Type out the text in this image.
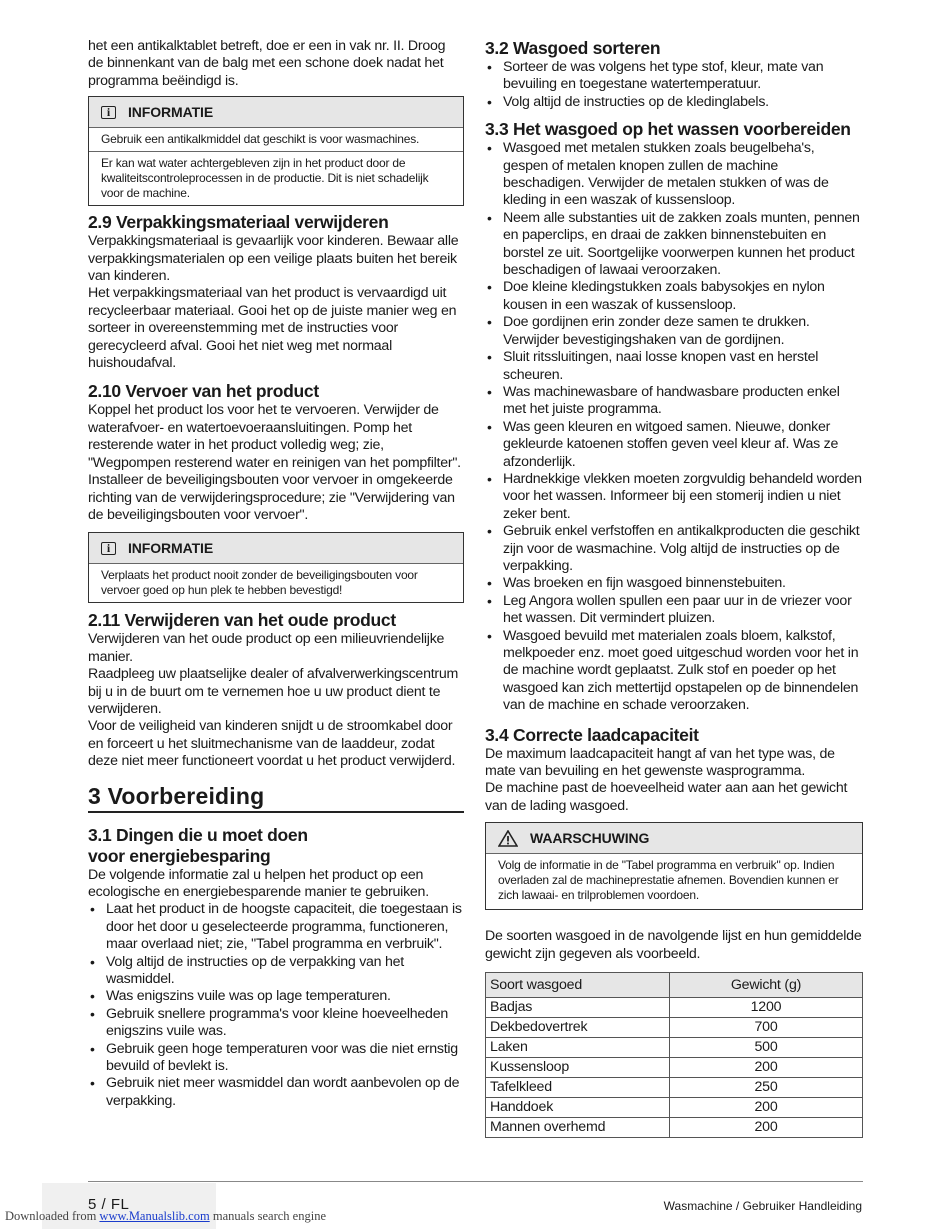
het een antikalktablet betreft, doe er een in vak nr. II. Droog de binnenkant van de balg met een schone doek nadat het programma beëindigd is.

i	INFORMATIE
Gebruik een antikalkmiddel dat geschikt is voor wasmachines.
Er kan wat water achtergebleven zijn in het product door de kwaliteitscontroleprocessen in de productie. Dit is niet schadelijk voor de machine.
2.9 Verpakkingsmateriaal verwijderen

Verpakkingsmateriaal is gevaarlijk voor kinderen. Bewaar alle verpakkingsmaterialen op een veilige plaats buiten het bereik van kinderen.

Het verpakkingsmateriaal van het product is vervaardigd uit recycleerbaar materiaal. Gooi het op de juiste manier weg en sorteer in overeenstemming met de instructies voor gerecycleerd afval. Gooi het niet weg met normaal huishoudafval.

2.10 Vervoer van het product

Koppel het product los voor het te vervoeren. Verwijder de waterafvoer- en watertoevoeraansluitingen. Pomp het resterende water in het product volledig weg; zie, "Wegpompen resterend water en reinigen van het pompfilter". Installeer de beveiligingsbouten voor vervoer in omgekeerde richting van de verwijderingsprocedure; zie "Verwijdering van de beveiligingsbouten voor vervoer".

i	INFORMATIE
Verplaats het product nooit zonder de beveiligingsbouten voor vervoer goed op hun plek te hebben bevestigd!
2.11 Verwijderen van het oude product

Verwijderen van het oude product op een milieuvriendelijke manier.

Raadpleeg uw plaatselijke dealer of afvalverwerkingscentrum bij u in de buurt om te vernemen hoe u uw product dient te verwijderen.

Voor de veiligheid van kinderen snijdt u de stroomkabel door en forceert u het sluitmechanisme van de laaddeur, zodat deze niet meer functioneert voordat u het product verwijderd.

3 Voorbereiding
3.1 Dingen die u moet doen
voor energiebesparing

De volgende informatie zal u helpen het product op een ecologische en energiebesparende manier te gebruiken.

• Laat het product in de hoogste capaciteit, die toegestaan is door het door u geselecteerde programma, functioneren, maar overlaad niet; zie, "Tabel programma en verbruik".
• Volg altijd de instructies op de verpakking van het wasmiddel.
• Was enigszins vuile was op lage temperaturen.
• Gebruik snellere programma's voor kleine hoeveelheden enigszins vuile was.
• Gebruik geen hoge temperaturen voor was die niet ernstig bevuild of bevlekt is.
• Gebruik niet meer wasmiddel dan wordt aanbevolen op de verpakking.
3.2 Wasgoed sorteren
• Sorteer de was volgens het type stof, kleur, mate van bevuiling en toegestane watertemperatuur.
• Volg altijd de instructies op de kledinglabels.
3.3 Het wasgoed op het wassen voorbereiden
• Wasgoed met metalen stukken zoals beugelbeha's, gespen of metalen knopen zullen de machine beschadigen. Verwijder de metalen stukken of was de kleding in een waszak of kussensloop.
• Neem alle substanties uit de zakken zoals munten, pennen en paperclips, en draai de zakken binnenstebuiten en borstel ze uit. Soortgelijke voorwerpen kunnen het product beschadigen of lawaai veroorzaken.
• Doe kleine kledingstukken zoals babysokjes en nylon kousen in een waszak of kussensloop.
• Doe gordijnen erin zonder deze samen te drukken. Verwijder bevestigingshaken van de gordijnen.
• Sluit ritssluitingen, naai losse knopen vast en herstel scheuren.
• Was machinewasbare of handwasbare producten enkel met het juiste programma.
• Was geen kleuren en witgoed samen. Nieuwe, donker gekleurde katoenen stoffen geven veel kleur af. Was ze afzonderlijk.
• Hardnekkige vlekken moeten zorgvuldig behandeld worden voor het wassen. Informeer bij een stomerij indien u niet zeker bent.
• Gebruik enkel verfstoffen en antikalkproducten die geschikt zijn voor de wasmachine. Volg altijd de instructies op de verpakking.
• Was broeken en fijn wasgoed binnenstebuiten.
• Leg Angora wollen spullen een paar uur in de vriezer voor het wassen. Dit vermindert pluizen.
• Wasgoed bevuild met materialen zoals bloem, kalkstof, melkpoeder enz. moet goed uitgeschud worden voor het in de machine wordt geplaatst. Zulk stof en poeder op het wasgoed kan zich mettertijd opstapelen op de binnendelen van de machine en schade veroorzaken.
3.4 Correcte laadcapaciteit

De maximum laadcapaciteit hangt af van het type was, de mate van bevuiling en het gewenste wasprogramma.

De machine past de hoeveelheid water aan aan het gewicht van de lading wasgoed.

WAARSCHUWING
Volg de informatie in de "Tabel programma en verbruik" op. Indien overladen zal de machineprestatie afnemen. Bovendien kunnen er zich lawaai- en trilproblemen voordoen.

De soorten wasgoed in de navolgende lijst en hun gemiddelde gewicht zijn gegeven als voorbeeld.

Soort wasgoed	Gewicht (g)
Badjas	1200
Dekbedovertrek	700
Laken	500
Kussensloop	200
Tafelkleed	250
Handdoek	200
Mannen overhemd	200
5 / FL	Wasmachine / Gebruiker Handleiding
Downloaded from www.Manualslib.com manuals search engine
